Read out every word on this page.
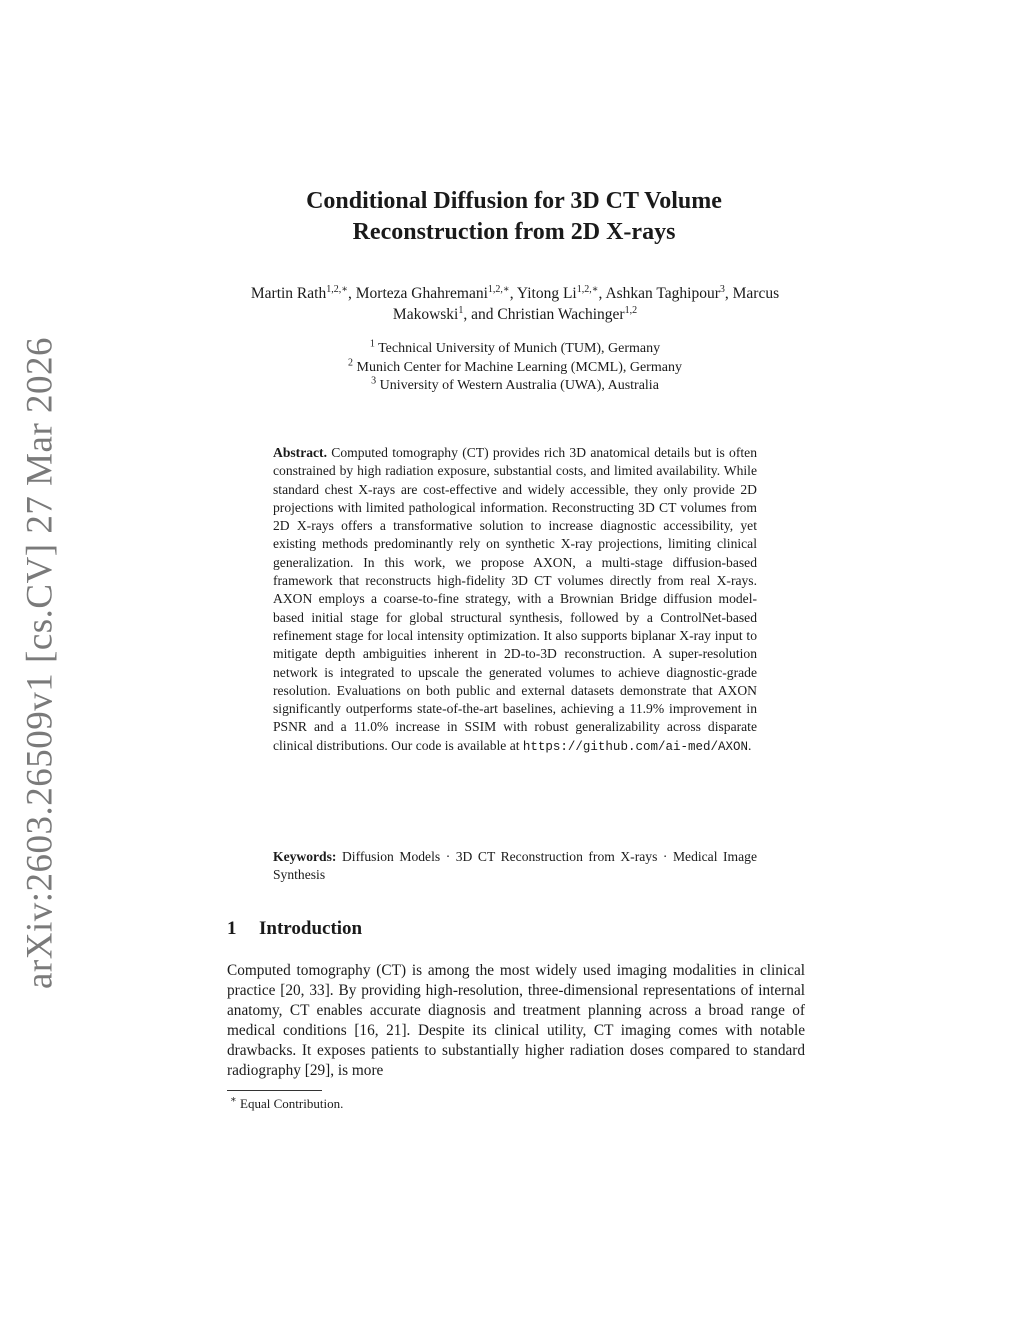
arXiv:2603.26509v1 [cs.CV] 27 Mar 2026
Conditional Diffusion for 3D CT Volume
Reconstruction from 2D X-rays
Martin Rath$^{1,2,∗}$, Morteza Ghahremani$^{1,2,∗}$, Yitong $Li^{1,2,∗}$, Ashkan Taghipour$^3$, Marcus Makowski$^1$, and Christian Wachinger$^{1,2}$
$^1$ Technical University of Munich (TUM), Germany
$^2$ Munich Center for Machine Learning (MCML), Germany
$^3$ University of Western Australia (UWA), Australia
Abstract. Computed tomography (CT) provides rich 3D anatomical details but is often constrained by high radiation exposure, substantial costs, and limited availability. While standard chest X-rays are cost-effective and widely accessible, they only provide 2D projections with limited pathological information. Reconstructing 3D CT volumes from 2D X-rays offers a transformative solution to increase diagnostic accessibility, yet existing methods predominantly rely on synthetic X-ray projections, limiting clinical generalization. In this work, we propose AXON, a multi-stage diffusion-based framework that reconstructs high-fidelity 3D CT volumes directly from real X-rays. AXON employs a coarse-to-fine strategy, with a Brownian Bridge diffusion model-based initial stage for global structural synthesis, followed by a ControlNet-based refinement stage for local intensity optimization. It also supports biplanar X-ray input to mitigate depth ambiguities inherent in 2D-to-3D reconstruction. A super-resolution network is integrated to upscale the generated volumes to achieve diagnostic-grade resolution. Evaluations on both public and external datasets demonstrate that AXON significantly outperforms state-of-the-art baselines, achieving a 11.9% improvement in PSNR and a 11.0% increase in SSIM with robust generalizability across disparate clinical distributions. Our code is available at https://github.com/ai-med/AXON.
Keywords: Diffusion Models · 3D CT Reconstruction from X-rays · Medical Image Synthesis
1 Introduction
Computed tomography (CT) is among the most widely used imaging modalities in clinical practice [20, 33]. By providing high-resolution, three-dimensional representations of internal anatomy, CT enables accurate diagnosis and treatment planning across a broad range of medical conditions [16, 21]. Despite its clinical utility, CT imaging comes with notable drawbacks. It exposes patients to substantially higher radiation doses compared to standard radiography [29], is more
∗ Equal Contribution.
